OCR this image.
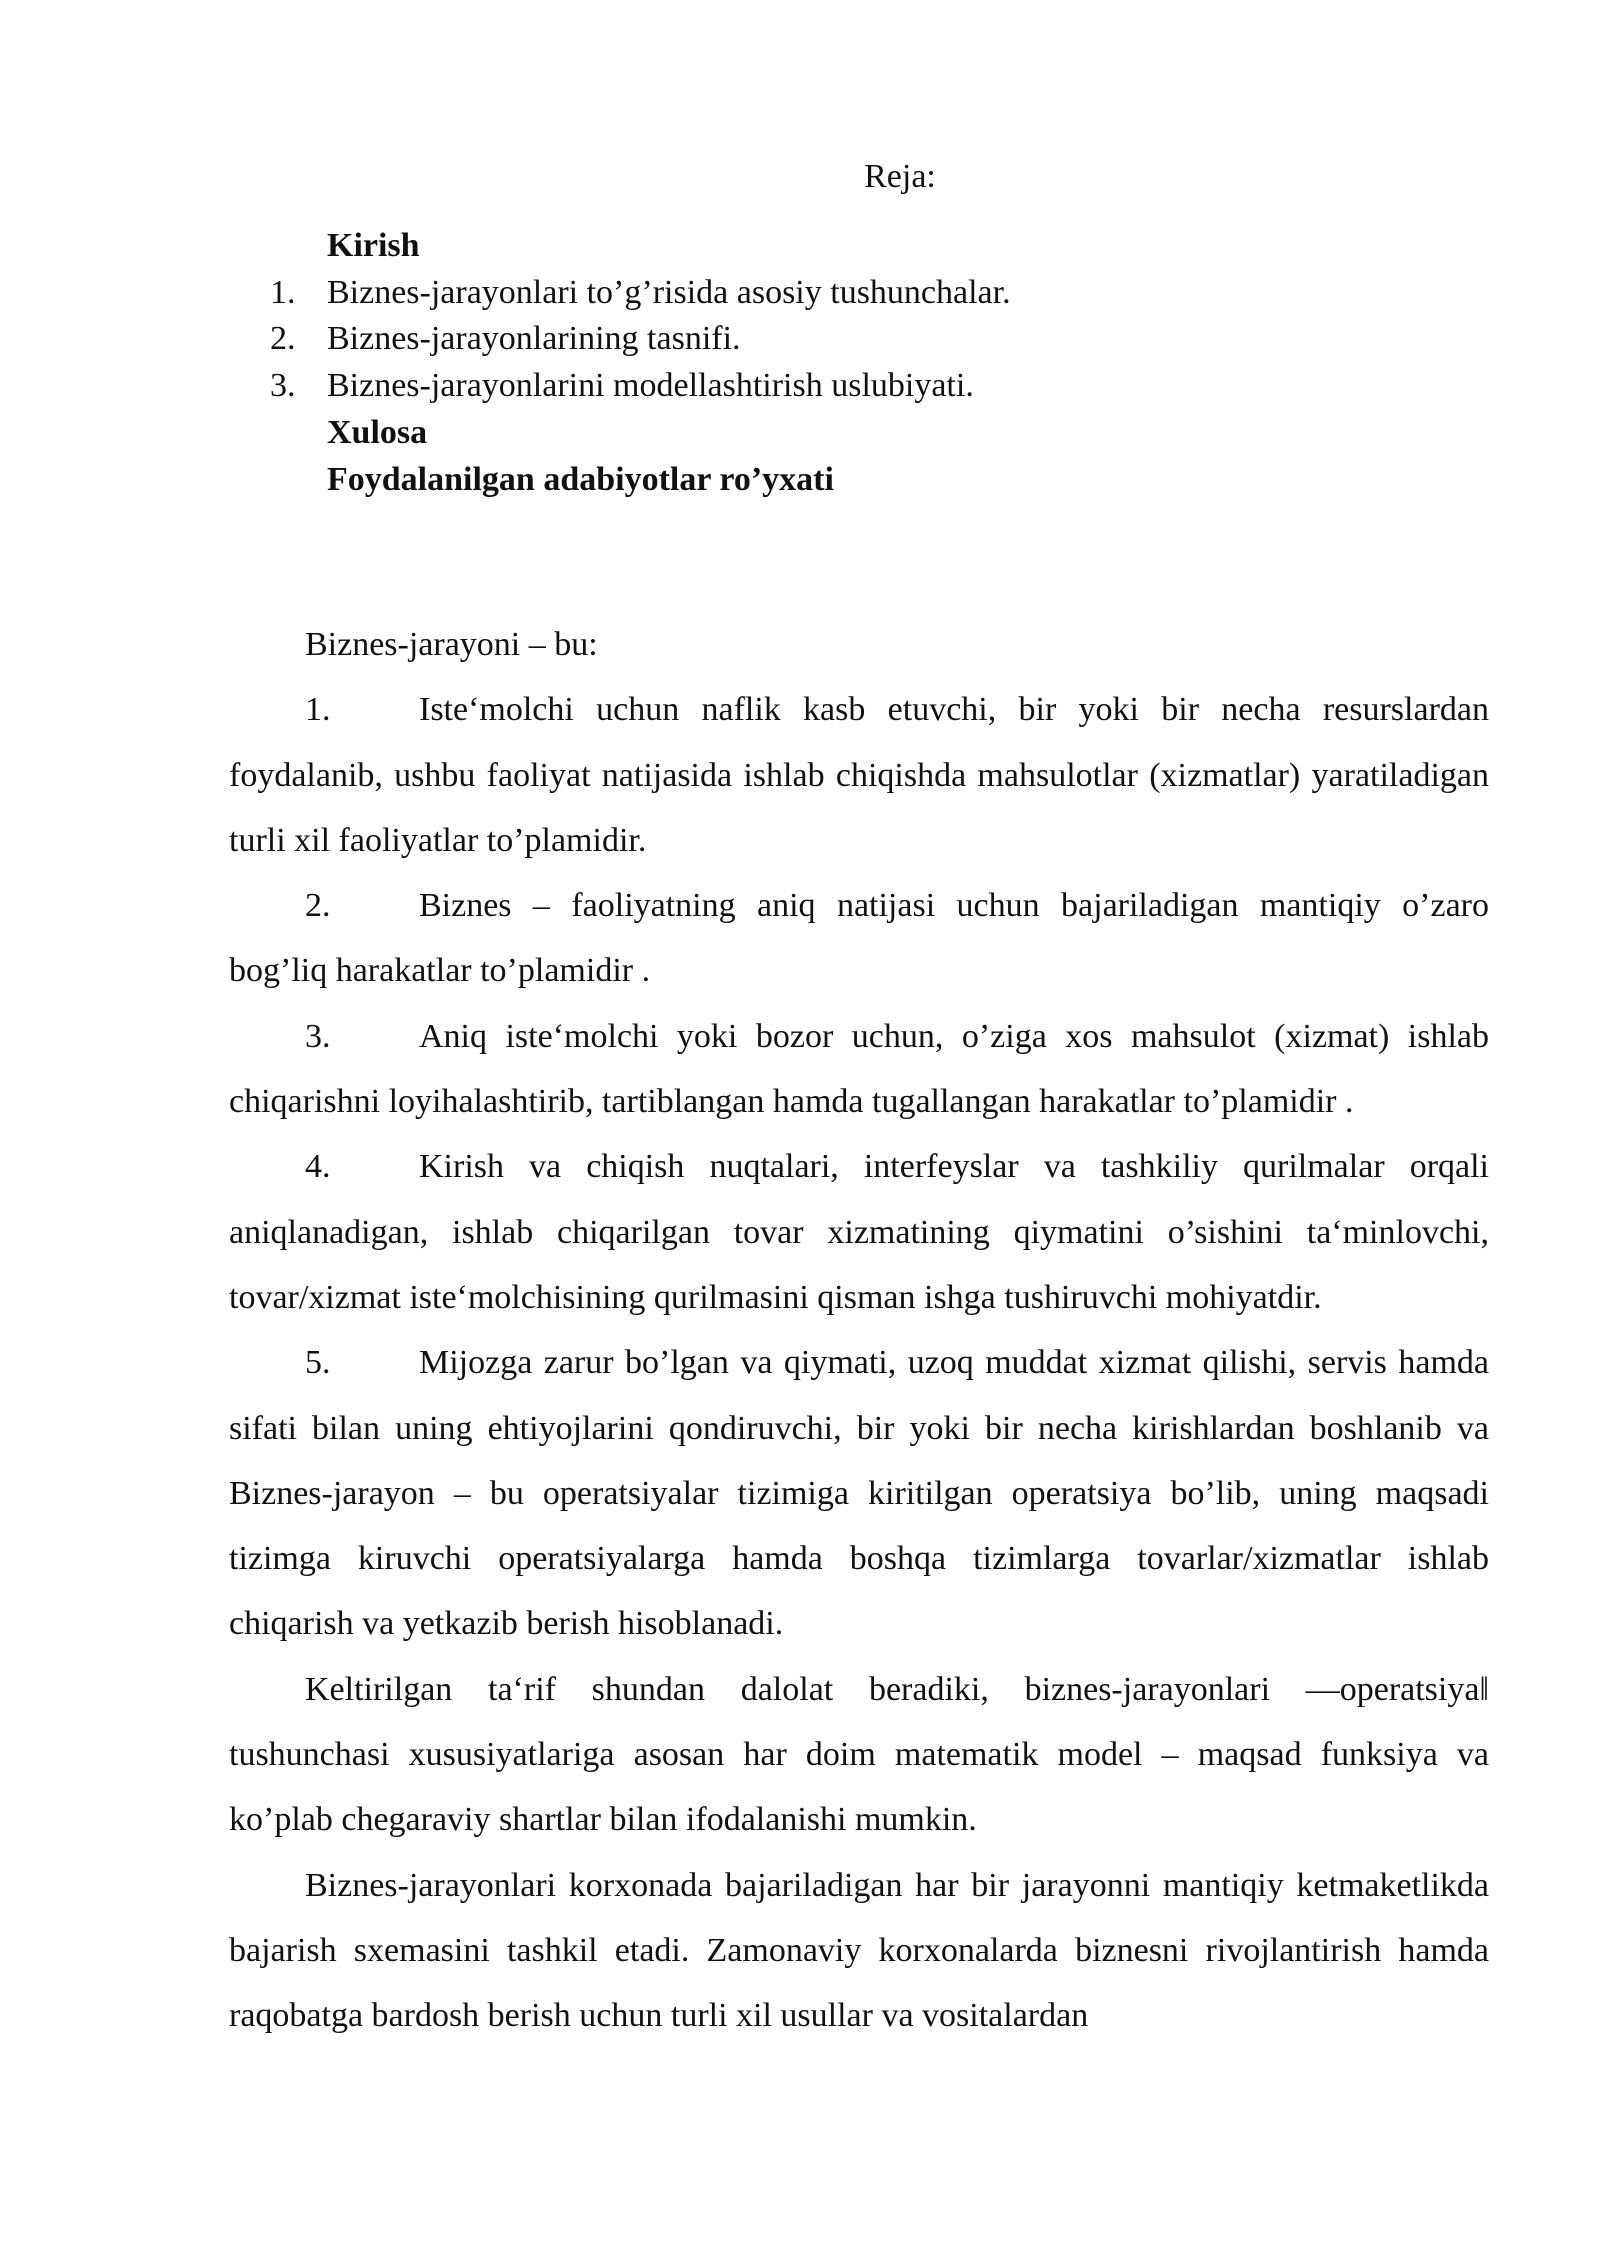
Reja:
Kirish
1. Biznes-jarayonlari to’g’risida asosiy tushunchalar.
2. Biznes-jarayonlarining tasnifi.
3. Biznes-jarayonlarini modellashtirish uslubiyati.
Xulosa
Foydalanilgan adabiyotlar ro’yxati

Biznes-jarayoni – bu:

1.	Iste‘molchi uchun naflik kasb etuvchi, bir yoki bir necha resurslardan foydalanib, ushbu faoliyat natijasida ishlab chiqishda mahsulotlar (xizmatlar) yaratiladigan turli xil faoliyatlar to’plamidir.

2.	Biznes – faoliyatning aniq natijasi uchun bajariladigan mantiqiy o’zaro bog’liq harakatlar to’plamidir .

3.	Aniq iste‘molchi yoki bozor uchun, o’ziga xos mahsulot (xizmat) ishlab chiqarishni loyihalashtirib, tartiblangan hamda tugallangan harakatlar to’plamidir .

4.	Kirish va chiqish nuqtalari, interfeyslar va tashkiliy qurilmalar orqali aniqlanadigan, ishlab chiqarilgan tovar xizmatining qiymatini o’sishini ta‘minlovchi, tovar/xizmat iste‘molchisining qurilmasini qisman ishga tushiruvchi mohiyatdir.

5.	Mijozga zarur bo’lgan va qiymati, uzoq muddat xizmat qilishi, servis hamda sifati bilan uning ehtiyojlarini qondiruvchi, bir yoki bir necha kirishlardan boshlanib va Biznes-jarayon – bu operatsiyalar tizimiga kiritilgan operatsiya bo’lib, uning maqsadi tizimga kiruvchi operatsiyalarga hamda boshqa tizimlarga tovarlar/xizmatlar ishlab chiqarish va yetkazib berish hisoblanadi.

Keltirilgan ta‘rif shundan dalolat beradiki, biznes-jarayonlari ―operatsiya‖ tushunchasi xususiyatlariga asosan har doim matematik model – maqsad funksiya va ko’plab chegaraviy shartlar bilan ifodalanishi mumkin.

Biznes-jarayonlari korxonada bajariladigan har bir jarayonni mantiqiy ketmaketlikda bajarish sxemasini tashkil etadi. Zamonaviy korxonalarda biznesni rivojlantirish hamda raqobatga bardosh berish uchun turli xil usullar va vositalardan
